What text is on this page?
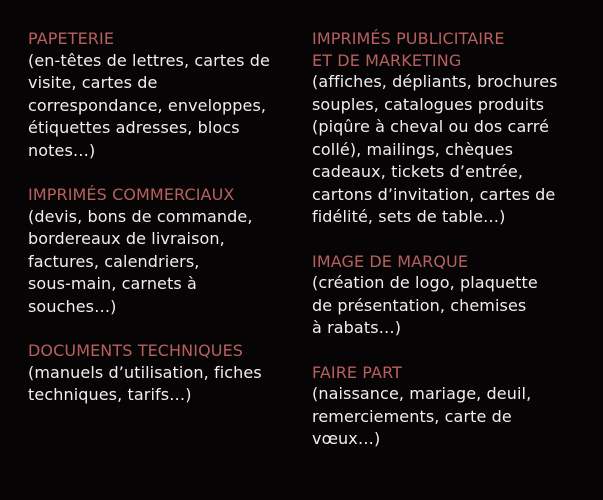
PAPETERIE
(en-têtes de lettres, cartes de
visite, cartes de
correspondance, enveloppes,
étiquettes adresses, blocs
notes…)
IMPRIMÉS COMMERCIAUX
(devis, bons de commande,
bordereaux de livraison,
factures, calendriers,
sous-main, carnets à
souches…)
DOCUMENTS TECHNIQUES
(manuels d’utilisation, fiches
techniques, tarifs…)
IMPRIMÉS PUBLICITAIRE
ET DE MARKETING
(affiches, dépliants, brochures
souples, catalogues produits
(piqûre à cheval ou dos carré
collé), mailings, chèques
cadeaux, tickets d’entrée,
cartons d’invitation, cartes de
fidélité, sets de table…)
IMAGE DE MARQUE
(création de logo, plaquette
de présentation, chemises
à rabats…)
FAIRE PART
(naissance, mariage, deuil,
remerciements, carte de
vœux…)
